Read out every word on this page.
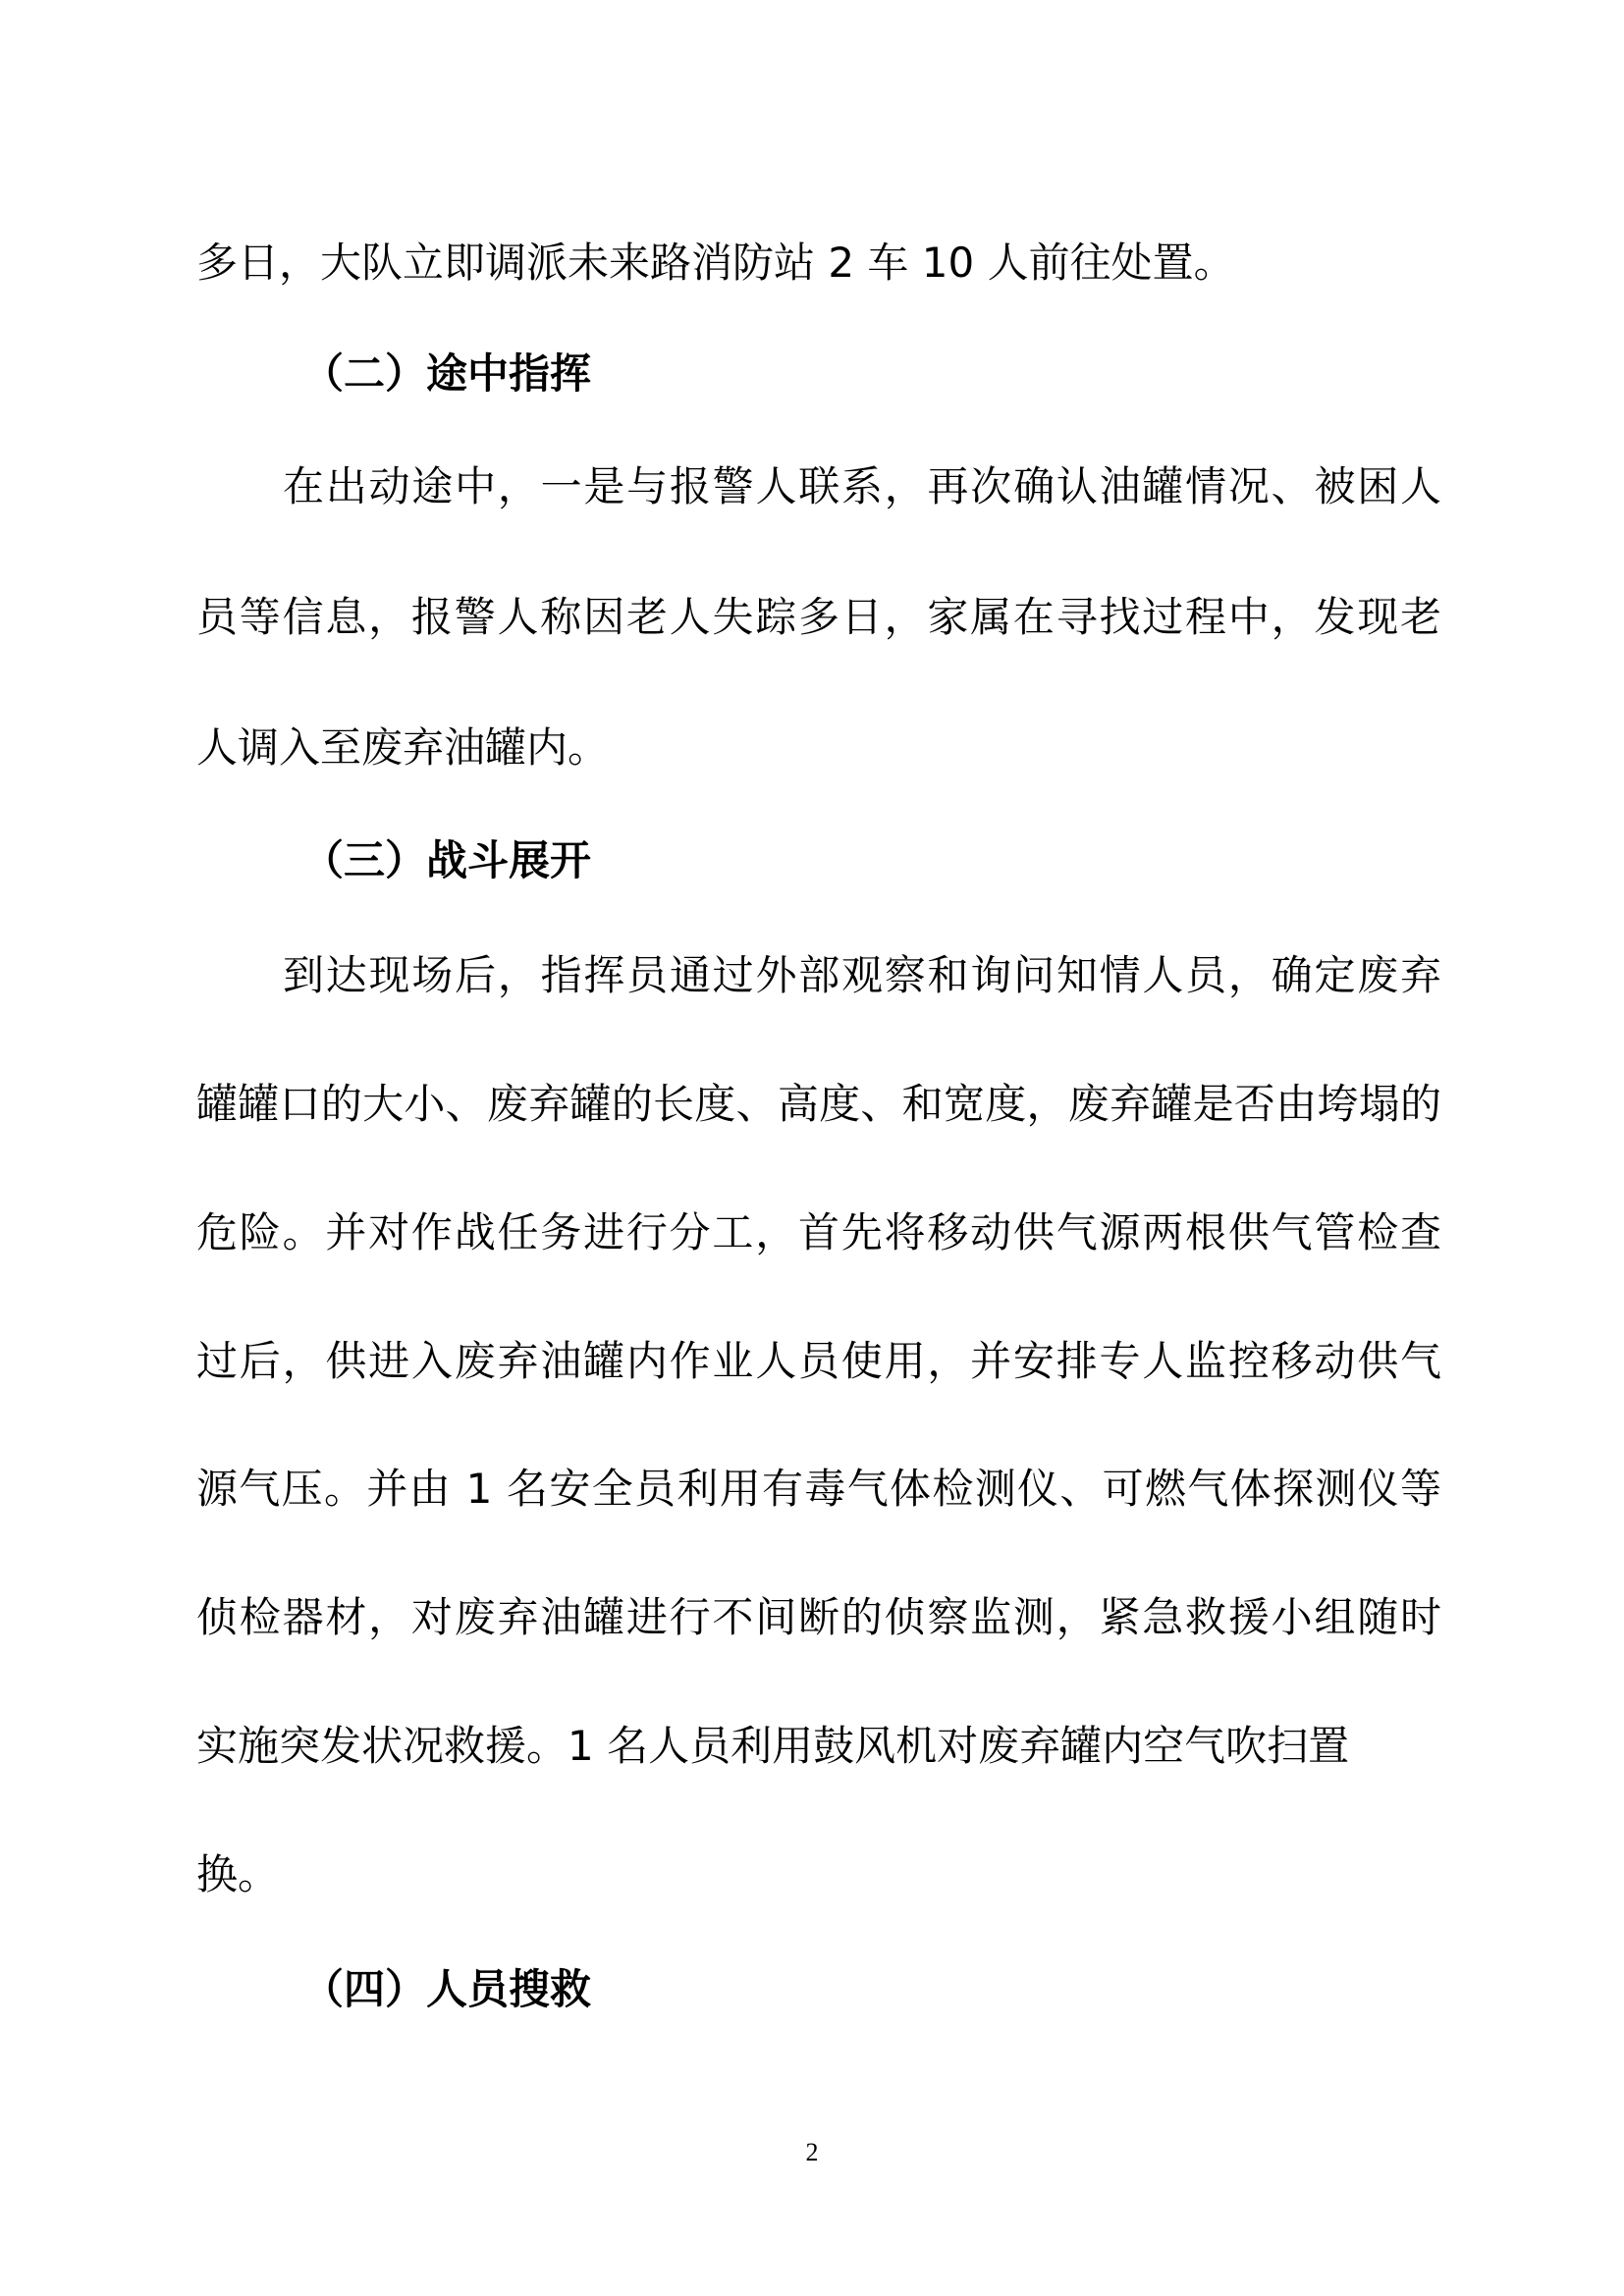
多日，大队立即调派未来路消防站 2 车 10 人前往处置。
（二）途中指挥
在出动途中，一是与报警人联系，再次确认油罐情况、被困人
员等信息，报警人称因老人失踪多日，家属在寻找过程中，发现老
人调入至废弃油罐内。
（三）战斗展开
到达现场后，指挥员通过外部观察和询问知情人员，确定废弃
罐罐口的大小、废弃罐的长度、高度、和宽度，废弃罐是否由垮塌的
危险。并对作战任务进行分工，首先将移动供气源两根供气管检查
过后，供进入废弃油罐内作业人员使用，并安排专人监控移动供气
源气压。并由 1 名安全员利用有毒气体检测仪、可燃气体探测仪等
侦检器材，对废弃油罐进行不间断的侦察监测，紧急救援小组随时
实施突发状况救援。1 名人员利用鼓风机对废弃罐内空气吹扫置
换。
（四）人员搜救
2
